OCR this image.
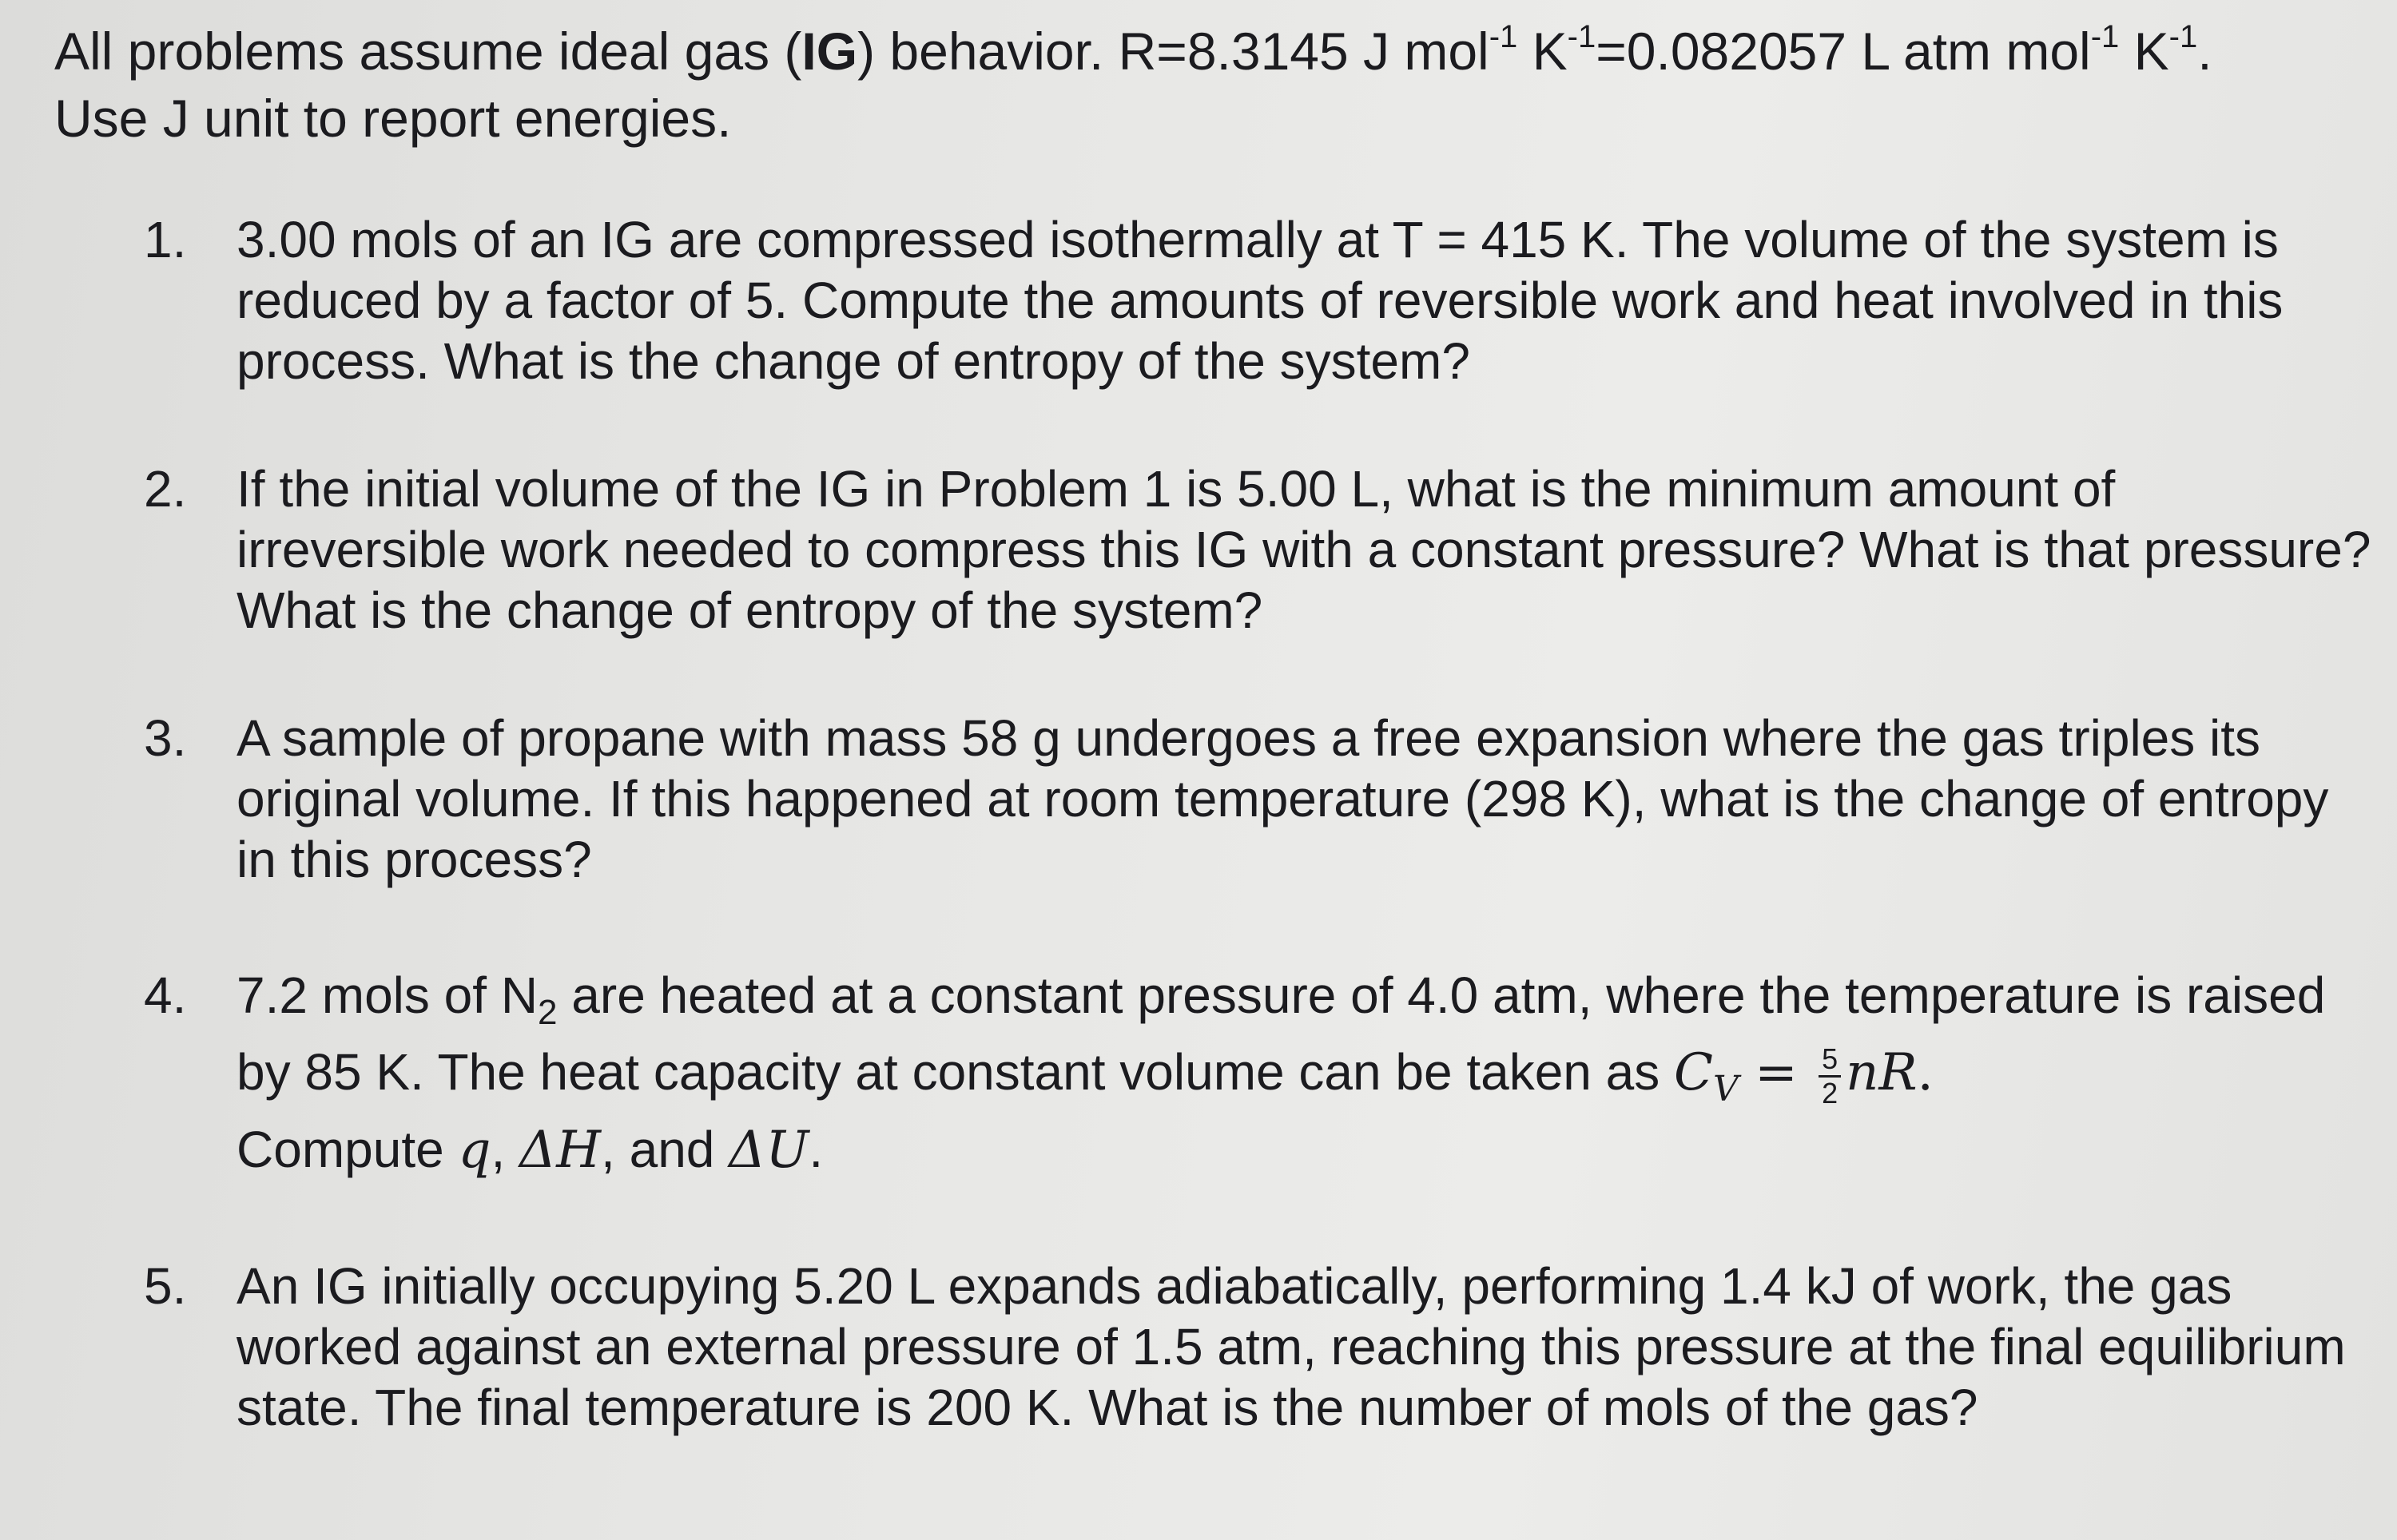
All problems assume ideal gas (IG) behavior. R=8.3145 J mol$^{-1}$ $K^{-1}=0.082057$ L atm mol$^{-1}$ $K^{-1}$.
Use J unit to report energies.
1. 3.00 mols of an IG are compressed isothermally at T = 415 K. The volume of the system is reduced by a factor of 5. Compute the amounts of reversible work and heat involved in this process. What is the change of entropy of the system?
2. If the initial volume of the IG in Problem 1 is 5.00 L, what is the minimum amount of irreversible work needed to compress this IG with a constant pressure? What is that pressure? What is the change of entropy of the system?
3. A sample of propane with mass 58 g undergoes a free expansion where the gas triples its original volume. If this happened at room temperature (298 K), what is the change of entropy in this process?
4. 7.2 mols of $N_2$ are heated at a constant pressure of 4.0 atm, where the temperature is raised by 85 K. The heat capacity at constant volume can be taken as $C_V = \frac{5}{2}$ nR.
Compute q, ΔH, and ΔU.
5. An IG initially occupying 5.20 L expands adiabatically, performing 1.4 kJ of work, the gas worked against an external pressure of 1.5 atm, reaching this pressure at the final equilibrium state. The final temperature is 200 K. What is the number of mols of the gas?
